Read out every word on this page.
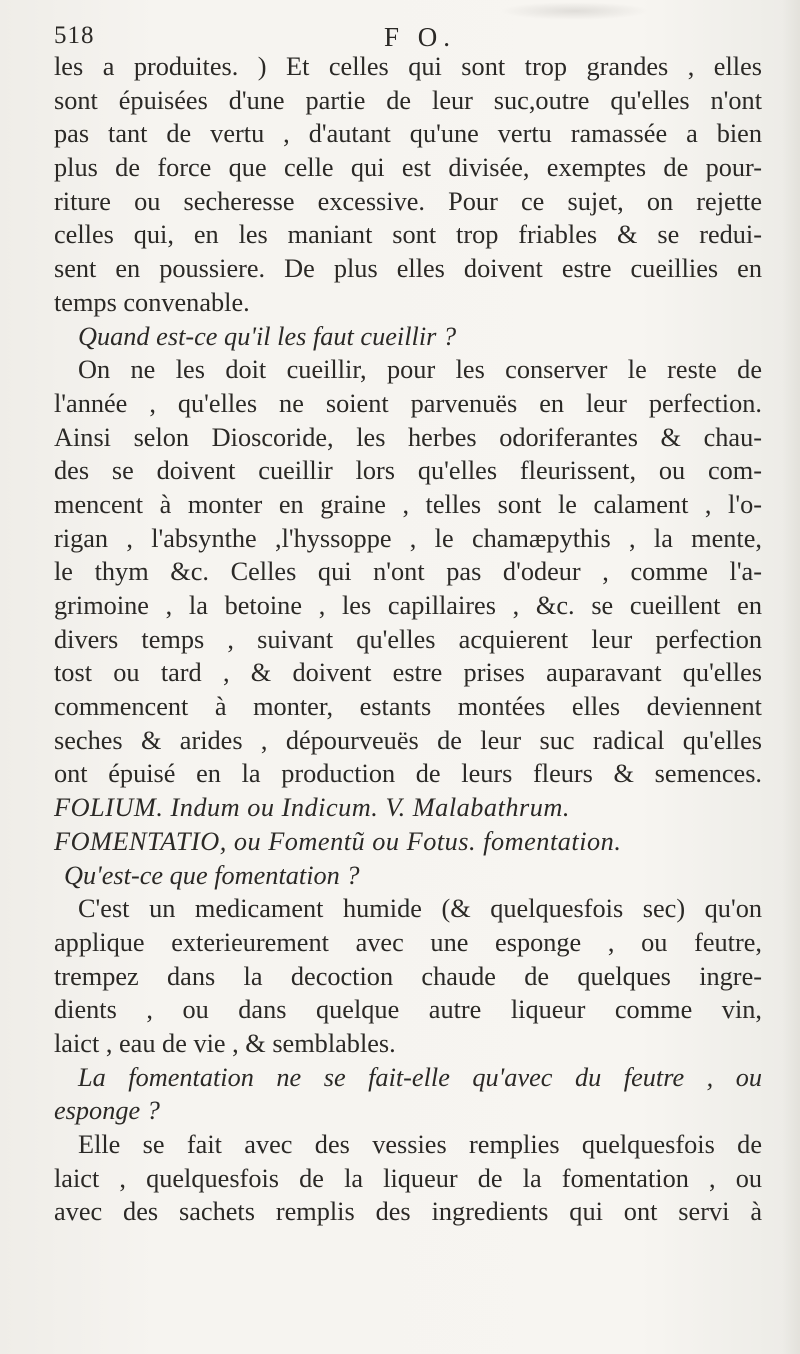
518	F O.
les a produites. ) Et celles qui sont trop grandes , elles
sont épuisées d'une partie de leur suc,outre qu'elles n'ont
pas tant de vertu , d'autant qu'une vertu ramassée a bien
plus de force que celle qui est divisée, exemptes de pour-
riture ou secheresse excessive. Pour ce sujet, on rejette
celles qui, en les maniant sont trop friables & se redui-
sent en poussiere. De plus elles doivent estre cueillies en
temps convenable.
Quand est-ce qu'il les faut cueillir ?
On ne les doit cueillir, pour les conserver le reste de
l'année , qu'elles ne soient parvenuës en leur perfection.
Ainsi selon Dioscoride, les herbes odoriferantes & chau-
des se doivent cueillir lors qu'elles fleurissent, ou com-
mencent à monter en graine , telles sont le calament , l'o-
rigan , l'absynthe ,l'hyssoppe , le chamæpythis , la mente,
le thym &c. Celles qui n'ont pas d'odeur , comme l'a-
grimoine , la betoine , les capillaires , &c. se cueillent en
divers temps , suivant qu'elles acquierent leur perfection
tost ou tard , & doivent estre prises auparavant qu'elles
commencent à monter, estants montées elles deviennent
seches & arides , dépourveuës de leur suc radical qu'elles
ont épuisé en la production de leurs fleurs & semences.
FOLIUM. Indum ou Indicum. V. Malabathrum.
FOMENTATIO, ou Fomentũ ou Fotus. fomentation.
Qu'est-ce que fomentation ?
C'est un medicament humide (& quelquesfois sec) qu'on
applique exterieurement avec une esponge , ou feutre,
trempez dans la decoction chaude de quelques ingre-
dients , ou dans quelque autre liqueur comme vin,
laict , eau de vie , & semblables.
La fomentation ne se fait-elle qu'avec du feutre , ou
esponge ?
Elle se fait avec des vessies remplies quelquesfois de
laict , quelquesfois de la liqueur de la fomentation , ou
avec des sachets remplis des ingredients qui ont servi à
